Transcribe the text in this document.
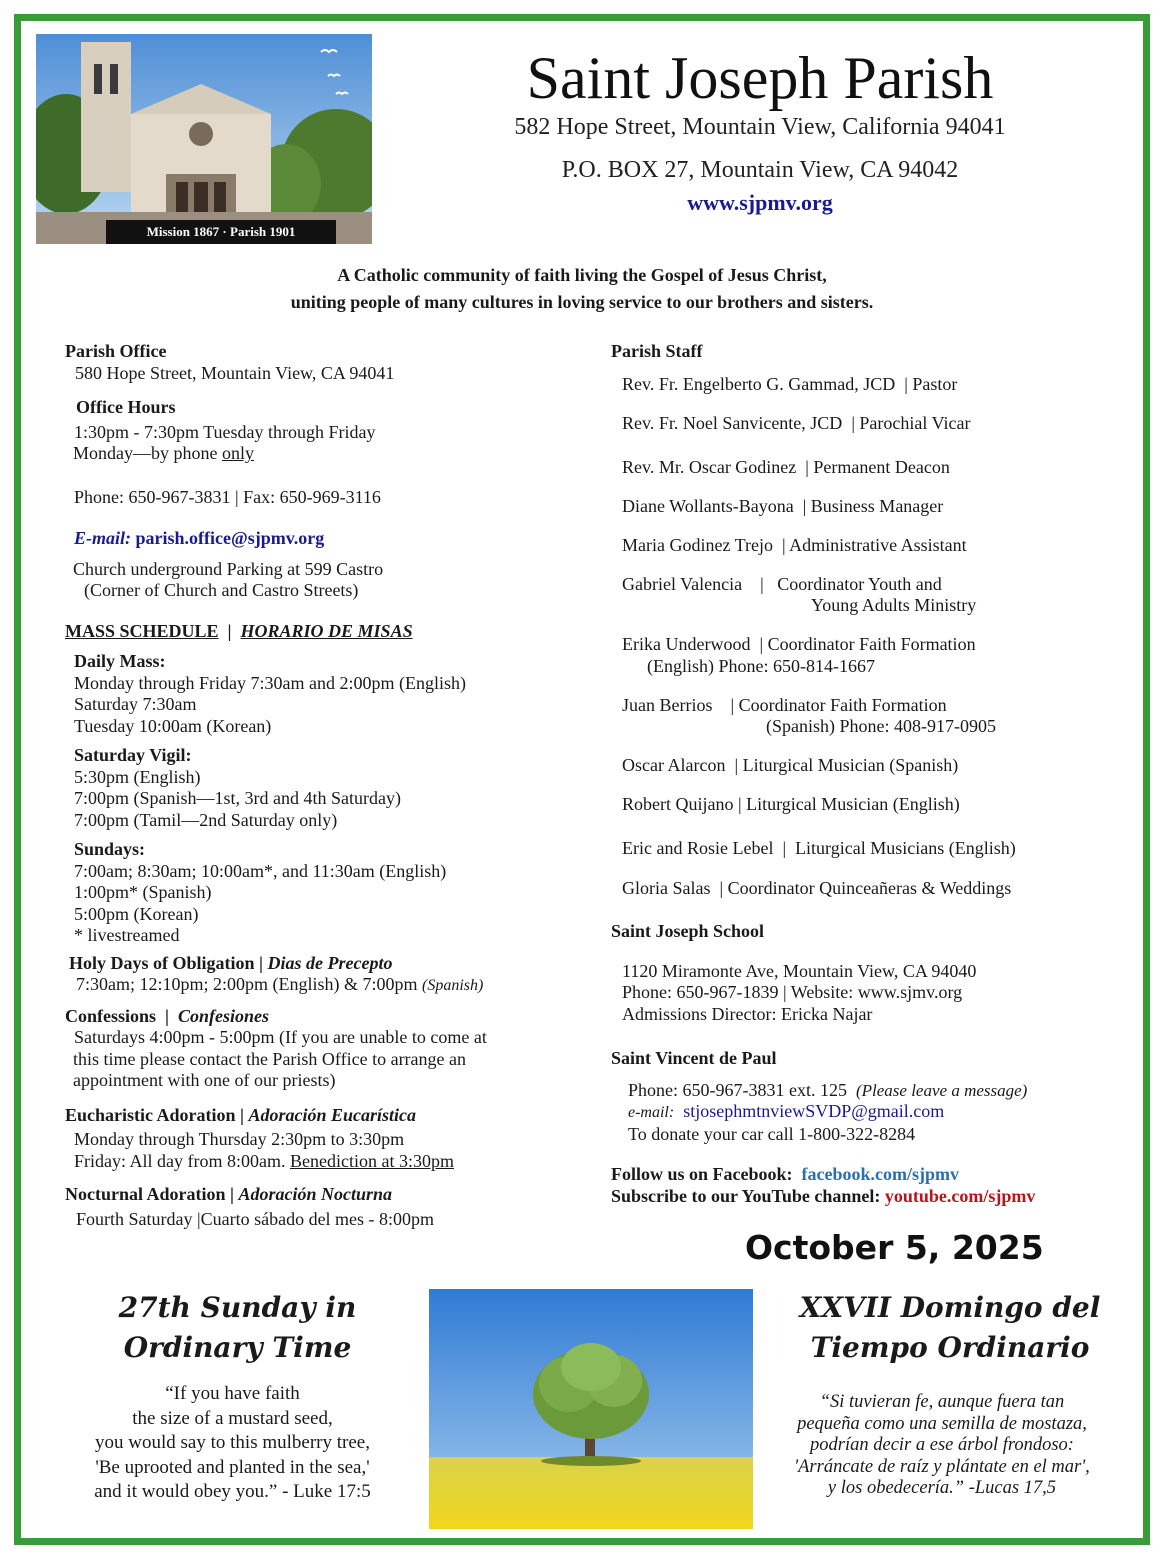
Mission 1867 · Parish 1901
Saint Joseph Parish
582 Hope Street, Mountain View, California 94041
P.O. BOX 27, Mountain View, CA 94042
www.sjpmv.org
A Catholic community of faith living the Gospel of Jesus Christ,
uniting people of many cultures in loving service to our brothers and sisters.
Parish Office
580 Hope Street, Mountain View, CA 94041
Office Hours
1:30pm - 7:30pm Tuesday through Friday
Monday—by phone only
Phone: 650-967-3831 | Fax: 650-969-3116
E-mail: parish.office@sjpmv.org
Church underground Parking at 599 Castro
(Corner of Church and Castro Streets)
MASS SCHEDULE  |  HORARIO DE MISAS
Daily Mass:
Monday through Friday 7:30am and 2:00pm (English)
Saturday 7:30am
Tuesday 10:00am (Korean)
Saturday Vigil:
5:30pm (English)
7:00pm (Spanish—1st, 3rd and 4th Saturday)
7:00pm (Tamil—2nd Saturday only)
Sundays:
7:00am; 8:30am; 10:00am*, and 11:30am (English)
1:00pm* (Spanish)
5:00pm (Korean)
* livestreamed
Holy Days of Obligation | Dias de Precepto
7:30am; 12:10pm; 2:00pm (English) & 7:00pm (Spanish)
Confessions  |  Confesiones
Saturdays 4:00pm - 5:00pm (If you are unable to come at
this time please contact the Parish Office to arrange an
appointment with one of our priests)
Eucharistic Adoration | Adoración Eucarística
Monday through Thursday 2:30pm to 3:30pm
Friday: All day from 8:00am. Benediction at 3:30pm
Nocturnal Adoration | Adoración Nocturna
Fourth Saturday |Cuarto sábado del mes - 8:00pm
Parish Staff
Rev. Fr. Engelberto G. Gammad, JCD  | Pastor
Rev. Fr. Noel Sanvicente, JCD  | Parochial Vicar
Rev. Mr. Oscar Godinez  | Permanent Deacon
Diane Wollants-Bayona  | Business Manager
Maria Godinez Trejo  | Administrative Assistant
Gabriel Valencia    |   Coordinator Youth and
Young Adults Ministry
Erika Underwood  | Coordinator Faith Formation
(English) Phone: 650-814-1667
Juan Berrios    | Coordinator Faith Formation
(Spanish) Phone: 408-917-0905
Oscar Alarcon  | Liturgical Musician (Spanish)
Robert Quijano | Liturgical Musician (English)
Eric and Rosie Lebel  |  Liturgical Musicians (English)
Gloria Salas  | Coordinator Quinceañeras & Weddings
Saint Joseph School
1120 Miramonte Ave, Mountain View, CA 94040
Phone: 650-967-1839 | Website: www.sjmv.org
Admissions Director: Ericka Najar
Saint Vincent de Paul
Phone: 650-967-3831 ext. 125 (Please leave a message)
e-mail: stjosephmtnviewSVDP@gmail.com
To donate your car call 1-800-322-8284
Follow us on Facebook: facebook.com/sjpmv
Subscribe to our YouTube channel: youtube.com/sjpmv
October 5, 2025
27th Sunday in
Ordinary Time
“If you have faith
the size of a mustard seed,
you would say to this mulberry tree,
'Be uprooted and planted in the sea,'
and it would obey you.” - Luke 17:5
XXVII Domingo del
Tiempo Ordinario
“Si tuvieran fe, aunque fuera tan
pequeña como una semilla de mostaza,
podrían decir a ese árbol frondoso:
'Arráncate de raíz y plántate en el mar',
y los obedecería.” -Lucas 17,5
